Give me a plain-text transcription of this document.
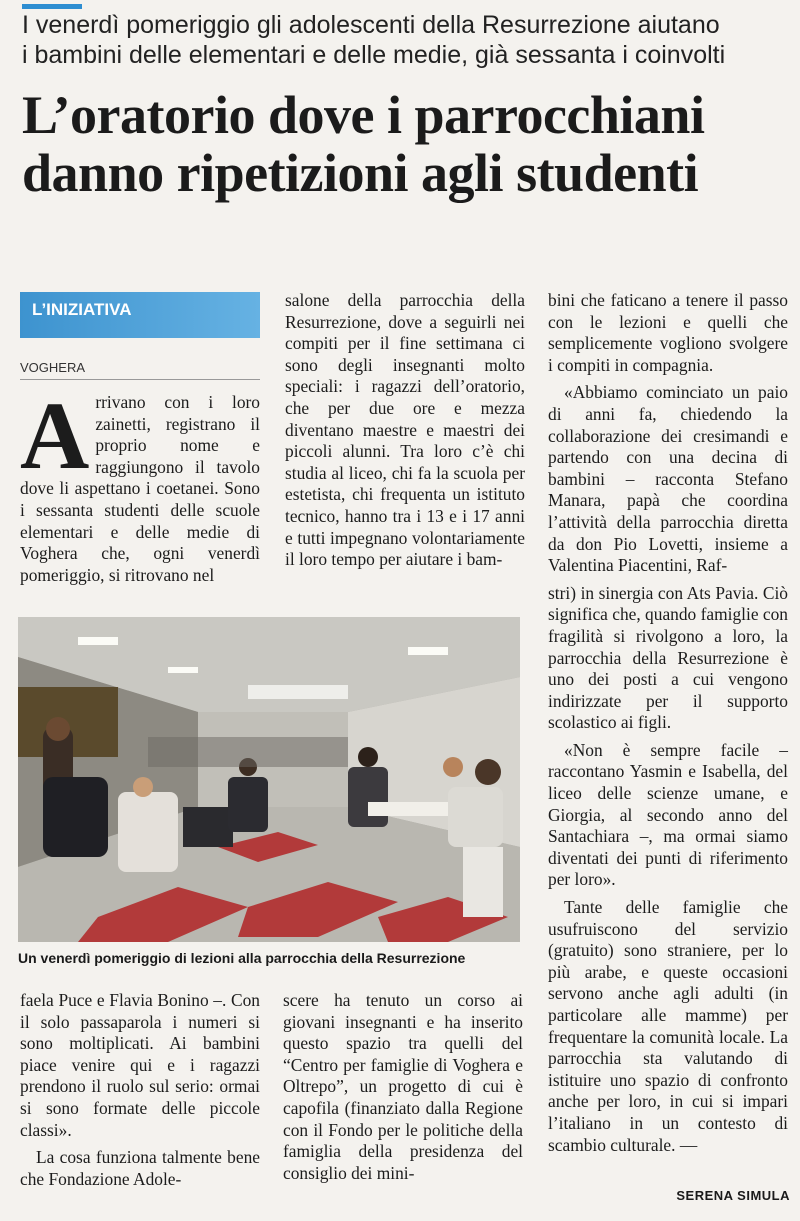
I venerdì pomeriggio gli adolescenti della Resurrezione aiutano
i bambini delle elementari e delle medie, già sessanta i coinvolti
L’oratorio dove i parrocchiani
danno ripetizioni agli studenti
L’INIZIATIVA
VOGHERA

Arrivano con i loro zainetti, registrano il proprio nome e raggiungono il tavolo dove li aspettano i coetanei. Sono i sessanta studenti delle scuole elementari e delle medie di Voghera che, ogni venerdì pomeriggio, si ritrovano nel

salone della parrocchia della Resurrezione, dove a seguirli nei compiti per il fine settimana ci sono degli insegnanti molto speciali: i ragazzi dell’oratorio, che per due ore e mezza diventano maestre e maestri dei piccoli alunni. Tra loro c’è chi studia al liceo, chi fa la scuola per estetista, chi frequenta un istituto tecnico, hanno tra i 13 e i 17 anni e tutti impegnano volontariamente il loro tempo per aiutare i bam-

bini che faticano a tenere il passo con le lezioni e quelli che semplicemente vogliono svolgere i compiti in compagnia.

«Abbiamo cominciato un paio di anni fa, chiedendo la collaborazione dei cresimandi e partendo con una decina di bambini – racconta Stefano Manara, papà che coordina l’attività della parrocchia diretta da don Pio Lovetti, insieme a Valentina Piacentini, Raf-

stri) in sinergia con Ats Pavia. Ciò significa che, quando famiglie con fragilità si rivolgono a loro, la parrocchia della Resurrezione è uno dei posti a cui vengono indirizzate per il supporto scolastico ai figli.

«Non è sempre facile – raccontano Yasmin e Isabella, del liceo delle scienze umane, e Giorgia, al secondo anno del Santachiara –, ma ormai siamo diventati dei punti di riferimento per loro».

Tante delle famiglie che usufruiscono del servizio (gratuito) sono straniere, per lo più arabe, e queste occasioni servono anche agli adulti (in particolare alle mamme) per frequentare la comunità locale. La parrocchia sta valutando di istituire uno spazio di confronto anche per loro, in cui si impari l’italiano in un contesto di scambio culturale. —

Un venerdì pomeriggio di lezioni alla parrocchia della Resurrezione

faela Puce e Flavia Bonino –. Con il solo passaparola i numeri si sono moltiplicati. Ai bambini piace venire qui e i ragazzi prendono il ruolo sul serio: ormai si sono formate delle piccole classi».

La cosa funziona talmente bene che Fondazione Adole-

scere ha tenuto un corso ai giovani insegnanti e ha inserito questo spazio tra quelli del “Centro per famiglie di Voghera e Oltrepo”, un progetto di cui è capofila (finanziato dalla Regione con il Fondo per le politiche della famiglia della presidenza del consiglio dei mini-

SERENA SIMULA
